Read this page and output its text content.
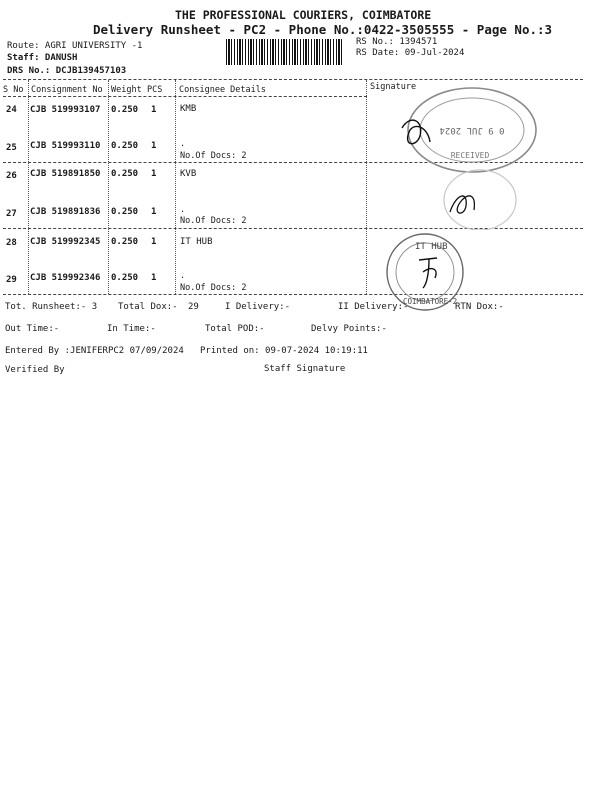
THE PROFESSIONAL COURIERS, COIMBATORE
Delivery Runsheet - PC2 - Phone No.:0422-3505555 - Page No.:3
Route: AGRI UNIVERSITY -1
Staff: DANUSH
DRS No.: DCJB139457103
RS No.: 1394571
RS Date: 09-Jul-2024
S No Consignment No Weight PCS Consignee Details	Signature
24 CJB 519993107 0.250 1	KMB
25 CJB 519993110 0.250 1	.
No.Of Docs: 2
26 CJB 519891850 0.250 1	KVB
27 CJB 519891836 0.250 1	.
No.Of Docs: 2
28 CJB 519992345 0.250 1	IT HUB
29 CJB 519992346 0.250 1	.
No.Of Docs: 2
RECEIVED
0 9 JUL 2024
IT HUB
COIMBATORE-2
Tot. Runsheet:- 3 Total Dox:- 29	I Delivery:-	II Delivery:-	RTN Dox:-
Out Time:-	In Time:-	Total POD:-	Delvy Points:-
Entered By :JENIFERPC2 07/09/2024 Printed on: 09-07-2024 10:19:11
Verified By	Staff Signature
